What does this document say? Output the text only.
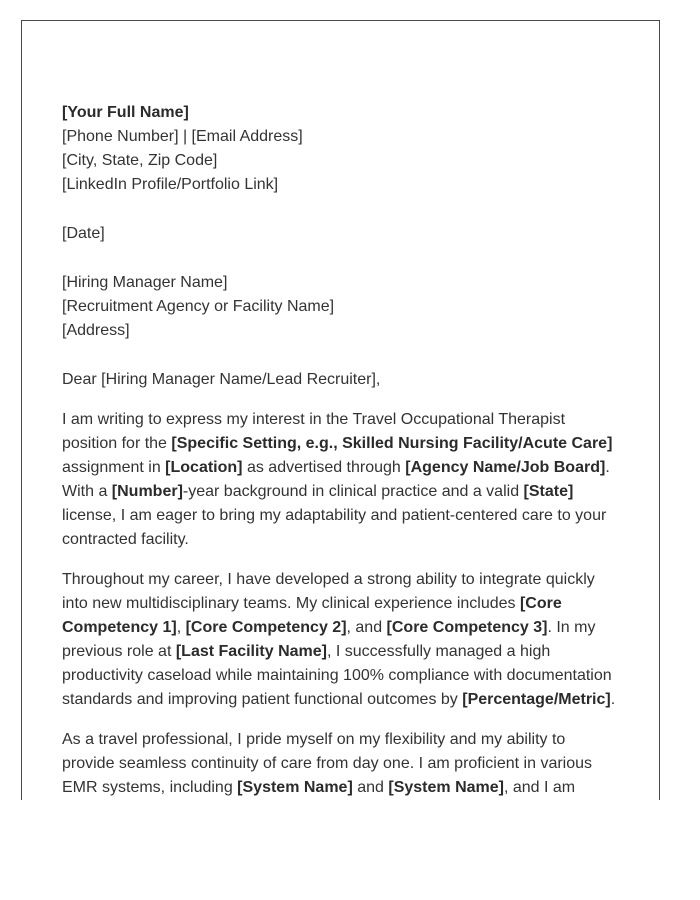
[Your Full Name]
[Phone Number] | [Email Address]
[City, State, Zip Code]
[LinkedIn Profile/Portfolio Link]
[Date]
[Hiring Manager Name]
[Recruitment Agency or Facility Name]
[Address]
Dear [Hiring Manager Name/Lead Recruiter],

I am writing to express my interest in the Travel Occupational Therapist position for the [Specific Setting, e.g., Skilled Nursing Facility/Acute Care] assignment in [Location] as advertised through [Agency Name/Job Board]. With a [Number]-year background in clinical practice and a valid [State] license, I am eager to bring my adaptability and patient-centered care to your contracted facility.

Throughout my career, I have developed a strong ability to integrate quickly into new multidisciplinary teams. My clinical experience includes [Core Competency 1], [Core Competency 2], and [Core Competency 3]. In my previous role at [Last Facility Name], I successfully managed a high productivity caseload while maintaining 100% compliance with documentation standards and improving patient functional outcomes by [Percentage/Metric].

As a travel professional, I pride myself on my flexibility and my ability to provide seamless continuity of care from day one. I am proficient in various EMR systems, including [System Name] and [System Name], and I am
